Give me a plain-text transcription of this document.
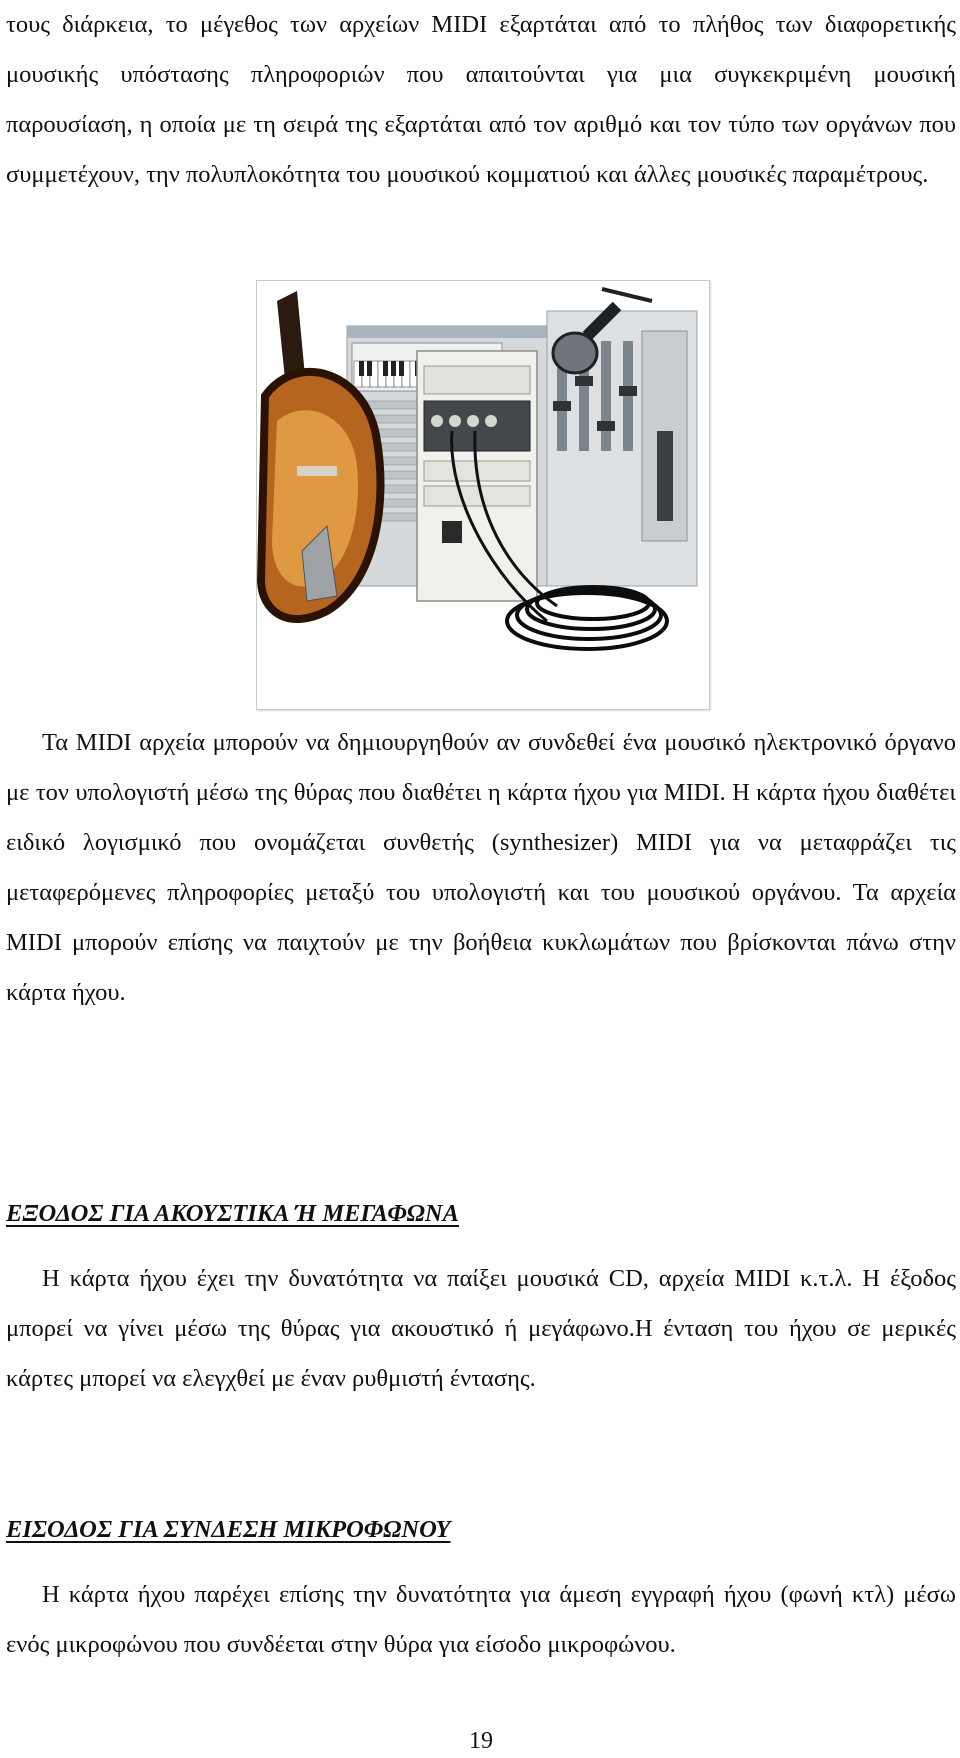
τους διάρκεια, το μέγεθος των αρχείων MIDI εξαρτάται από το πλήθος των διαφορετικής μουσικής υπόστασης πληροφοριών που απαιτούνται για μια συγκεκριμένη μουσική παρουσίαση, η οποία με τη σειρά της εξαρτάται από τον αριθμό και τον τύπο των οργάνων που συμμετέχουν, την πολυπλοκότητα του μουσικού κομματιού και άλλες μουσικές παραμέτρους.

Τα MIDI αρχεία μπορούν να δημιουργηθούν αν συνδεθεί ένα μουσικό ηλεκτρονικό όργανο με τον υπολογιστή μέσω της θύρας που διαθέτει η κάρτα ήχου για MIDI. Η κάρτα ήχου διαθέτει ειδικό λογισμικό που ονομάζεται συνθετής (synthesizer) MIDI για να μεταφράζει τις μεταφερόμενες πληροφορίες μεταξύ του υπολογιστή και του μουσικού οργάνου. Τα αρχεία MIDI μπορούν επίσης να παιχτούν με την βοήθεια κυκλωμάτων που βρίσκονται πάνω στην κάρτα ήχου.

ΕΞΟΔΟΣ ΓΙΑ ΑΚΟΥΣΤΙΚΑ Ή ΜΕΓΑΦΩΝΑ

Η κάρτα ήχου έχει την δυνατότητα να παίξει μουσικά CD, αρχεία MIDI κ.τ.λ. Η έξοδος μπορεί να γίνει μέσω της θύρας για ακουστικό ή μεγάφωνο.Η ένταση του ήχου σε μερικές κάρτες μπορεί να ελεγχθεί με έναν ρυθμιστή έντασης.

ΕΙΣΟΔΟΣ ΓΙΑ ΣΥΝΔΕΣΗ ΜΙΚΡΟΦΩΝΟΥ

Η κάρτα ήχου παρέχει επίσης την δυνατότητα για άμεση εγγραφή ήχου (φωνή κτλ) μέσω ενός μικροφώνου που συνδέεται στην θύρα για είσοδο μικροφώνου.

19
